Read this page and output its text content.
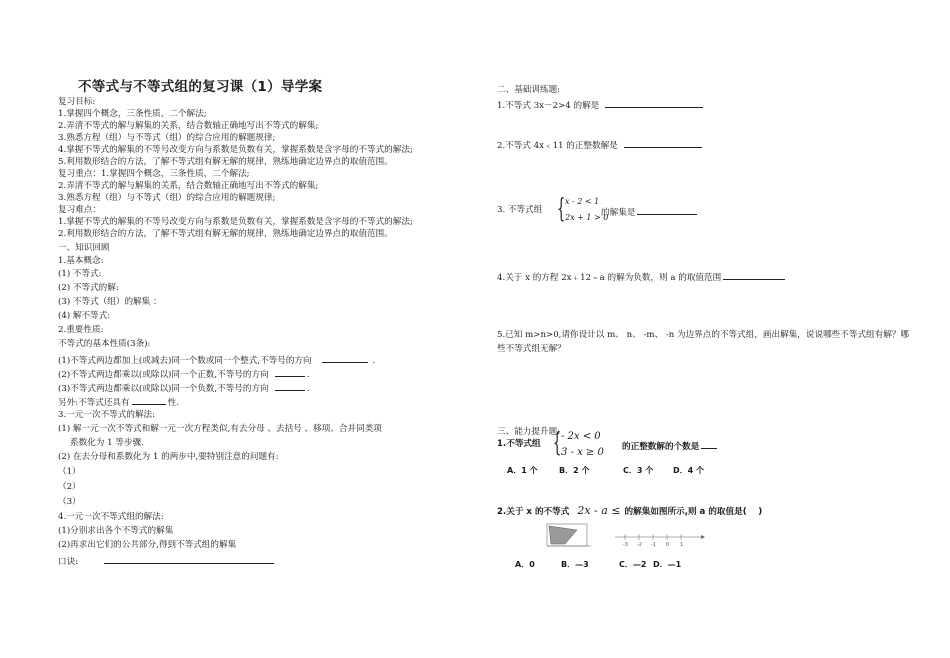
不等式与不等式组的复习课（1）导学案
复习目标:
1.掌握四个概念，三条性质，二个解法;
2.弄清不等式的解与解集的关系，结合数轴正确地写出不等式的解集;
3.熟悉方程（组）与不等式（组）的综合应用的解题规律;
4.掌握不等式的解集的不等号改变方向与系数是负数有关，掌握系数是含字母的不等式的解法;
5.利用数形结合的方法，了解不等式组有解无解的规律，熟练地确定边界点的取值范围。
复习重点：1.掌握四个概念，三条性质，二个解法;
2.弄清不等式的解与解集的关系，结合数轴正确地写出不等式的解集;
3.熟悉方程（组）与不等式（组）的综合应用的解题规律;
复习难点：
1.掌握不等式的解集的不等号改变方向与系数是负数有关，掌握系数是含字母的不等式的解法;
2.利用数形结合的方法，了解不等式组有解无解的规律，熟练地确定边界点的取值范围。
一、知识回顾
1.基本概念:
(1) 不等式:
(2) 不等式的解:
(3) 不等式（组）的解集 ：
(4) 解不等式:
2.重要性质:
不等式的基本性质(3条):
(1)不等式两边都加上(或减去)同一个数或同一个整式,不等号的方向	.
(2)不等式两边都乘以(或除以)同一个正数,不等号的方向	.
(3)不等式两边都乘以(或除以)同一个负数,不等号的方向	.
另外:不等式还具有	性.
3.一元一次不等式的解法:
(1) 解一元一次不等式和解一元一次方程类似,有去分母 、去括号 、移项、合并同类项
系数化为 1 等步骤.
(2) 在去分母和系数化为 1 的两步中,要特别注意的问题有:
（1）
（2）
（3）
4.一元一次不等式组的解法:
(1)分别求出各个不等式的解集
(2)再求出它们的公共部分,得到不等式组的解集
口诀:
二、基础训练题:
1.不等式 3x－2>4 的解是
2.不等式 4x﹤11 的正整数解是
3. 不等式组 { x - 2 < 1
2x + 1 > 0
的解集是
4.关于 x 的方程 2x﹢12﹦a 的解为负数，则 a 的取值范围
5.已知 m>n>0,请你设计以 m、 n、 -m、 -n 为边界点的不等式组，画出解集，说说哪些不等式组有解？哪
些不等式组无解？
三、能力提升题:
1.不等式组 { - 2x < 0
3 - x ≥ 0 的正整数解的个数是
A．1 个	B．2 个	C．3 个 D．4 个
2.关于 x 的不等式 2x - a ≤ 的解集如图所示,则 a 的取值是(　 )
-3 -2 -1 0 1
A．0	B．—3	C．—2 D．—1
